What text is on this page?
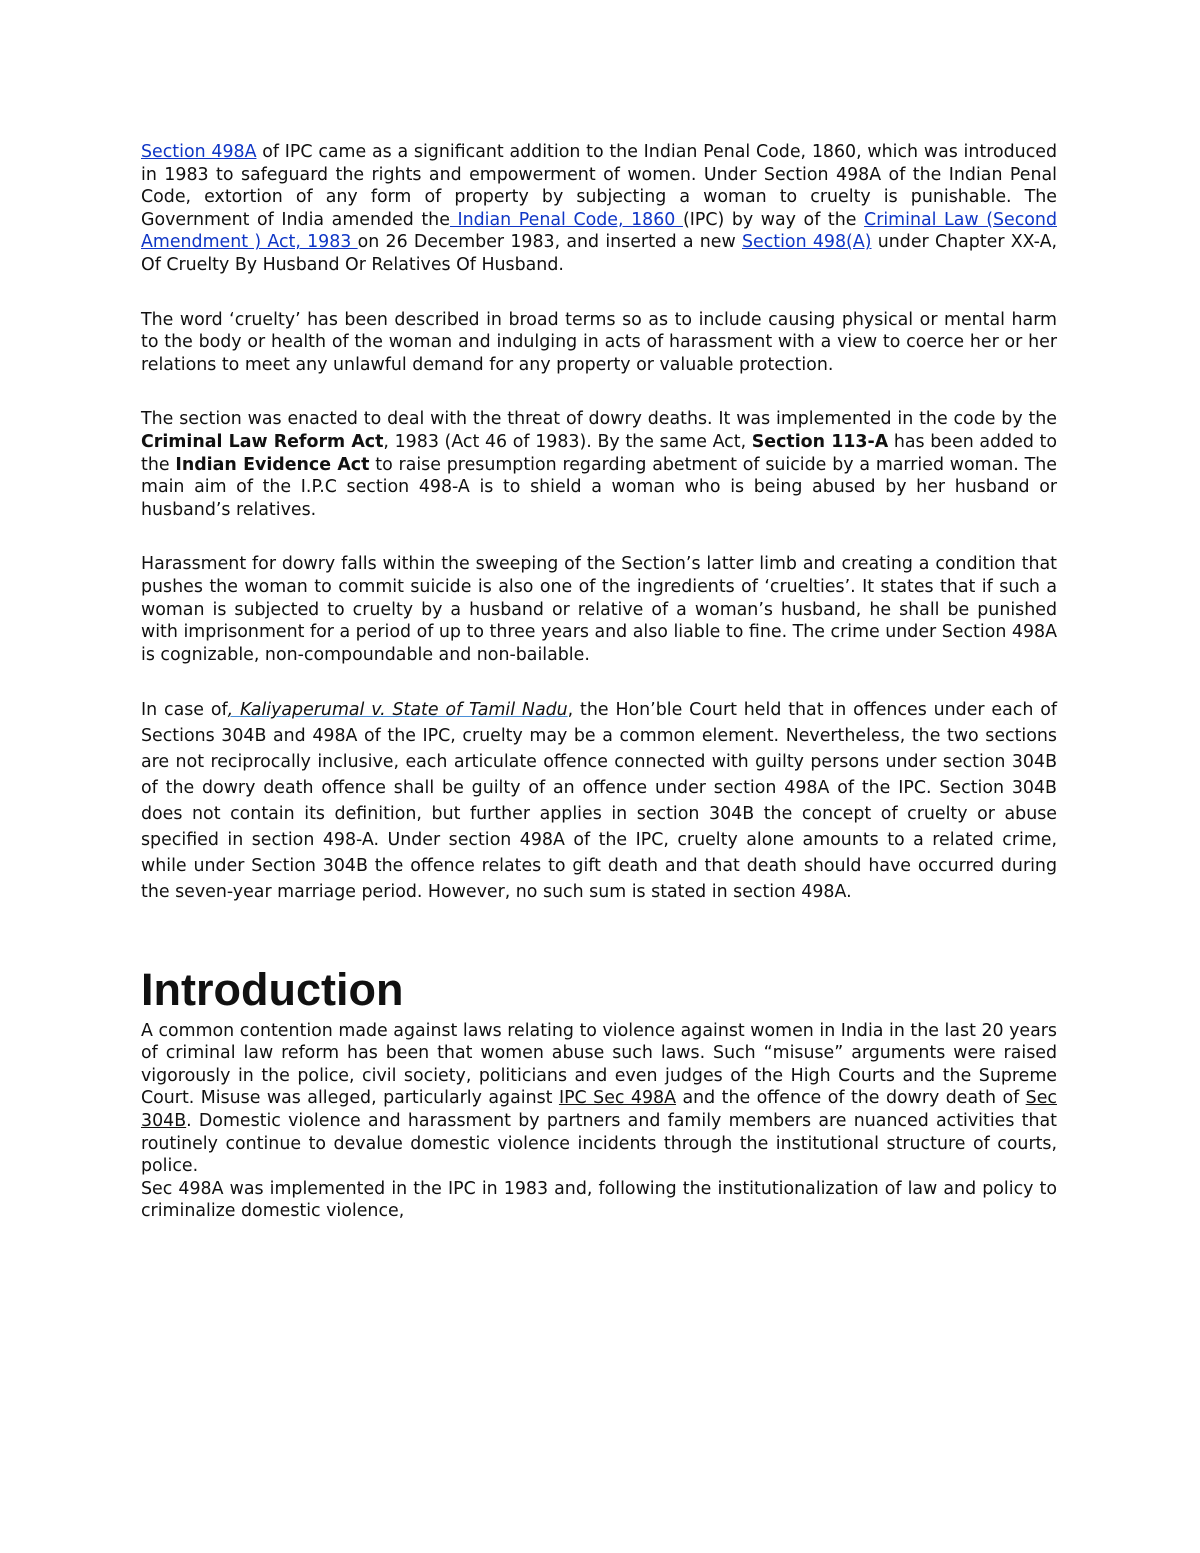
Section 498A of IPC came as a significant addition to the Indian Penal Code, 1860, which was introduced in 1983 to safeguard the rights and empowerment of women. Under Section 498A of the Indian Penal Code, extortion of any form of property by subjecting a woman to cruelty is punishable. The Government of India amended the Indian Penal Code, 1860 (IPC) by way of the Criminal Law (Second Amendment ) Act, 1983 on 26 December 1983, and inserted a new Section 498(A) under Chapter XX-A, Of Cruelty By Husband Or Relatives Of Husband.

The word ‘cruelty’ has been described in broad terms so as to include causing physical or mental harm to the body or health of the woman and indulging in acts of harassment with a view to coerce her or her relations to meet any unlawful demand for any property or valuable protection.

The section was enacted to deal with the threat of dowry deaths. It was implemented in the code by the Criminal Law Reform Act, 1983 (Act 46 of 1983). By the same Act, Section 113-A has been added to the Indian Evidence Act to raise presumption regarding abetment of suicide by a married woman. The main aim of the I.P.C section 498-A is to shield a woman who is being abused by her husband or husband’s relatives.

Harassment for dowry falls within the sweeping of the Section’s latter limb and creating a condition that pushes the woman to commit suicide is also one of the ingredients of ‘cruelties’. It states that if such a woman is subjected to cruelty by a husband or relative of a woman’s husband, he shall be punished with imprisonment for a period of up to three years and also liable to fine. The crime under Section 498A is cognizable, non-compoundable and non-bailable.

In case of, Kaliyaperumal v. State of Tamil Nadu, the Hon’ble Court held that in offences under each of Sections 304B and 498A of the IPC, cruelty may be a common element. Nevertheless, the two sections are not reciprocally inclusive, each articulate offence connected with guilty persons under section 304B of the dowry death offence shall be guilty of an offence under section 498A of the IPC. Section 304B does not contain its definition, but further applies in section 304B the concept of cruelty or abuse specified in section 498-A. Under section 498A of the IPC, cruelty alone amounts to a related crime, while under Section 304B the offence relates to gift death and that death should have occurred during the seven-year marriage period. However, no such sum is stated in section 498A.

Introduction

A common contention made against laws relating to violence against women in India in the last 20 years of criminal law reform has been that women abuse such laws. Such “misuse” arguments were raised vigorously in the police, civil society, politicians and even judges of the High Courts and the Supreme Court. Misuse was alleged, particularly against IPC Sec 498A and the offence of the dowry death of Sec 304B. Domestic violence and harassment by partners and family members are nuanced activities that routinely continue to devalue domestic violence incidents through the institutional structure of courts, police.

Sec 498A was implemented in the IPC in 1983 and, following the institutionalization of law and policy to criminalize domestic violence,
